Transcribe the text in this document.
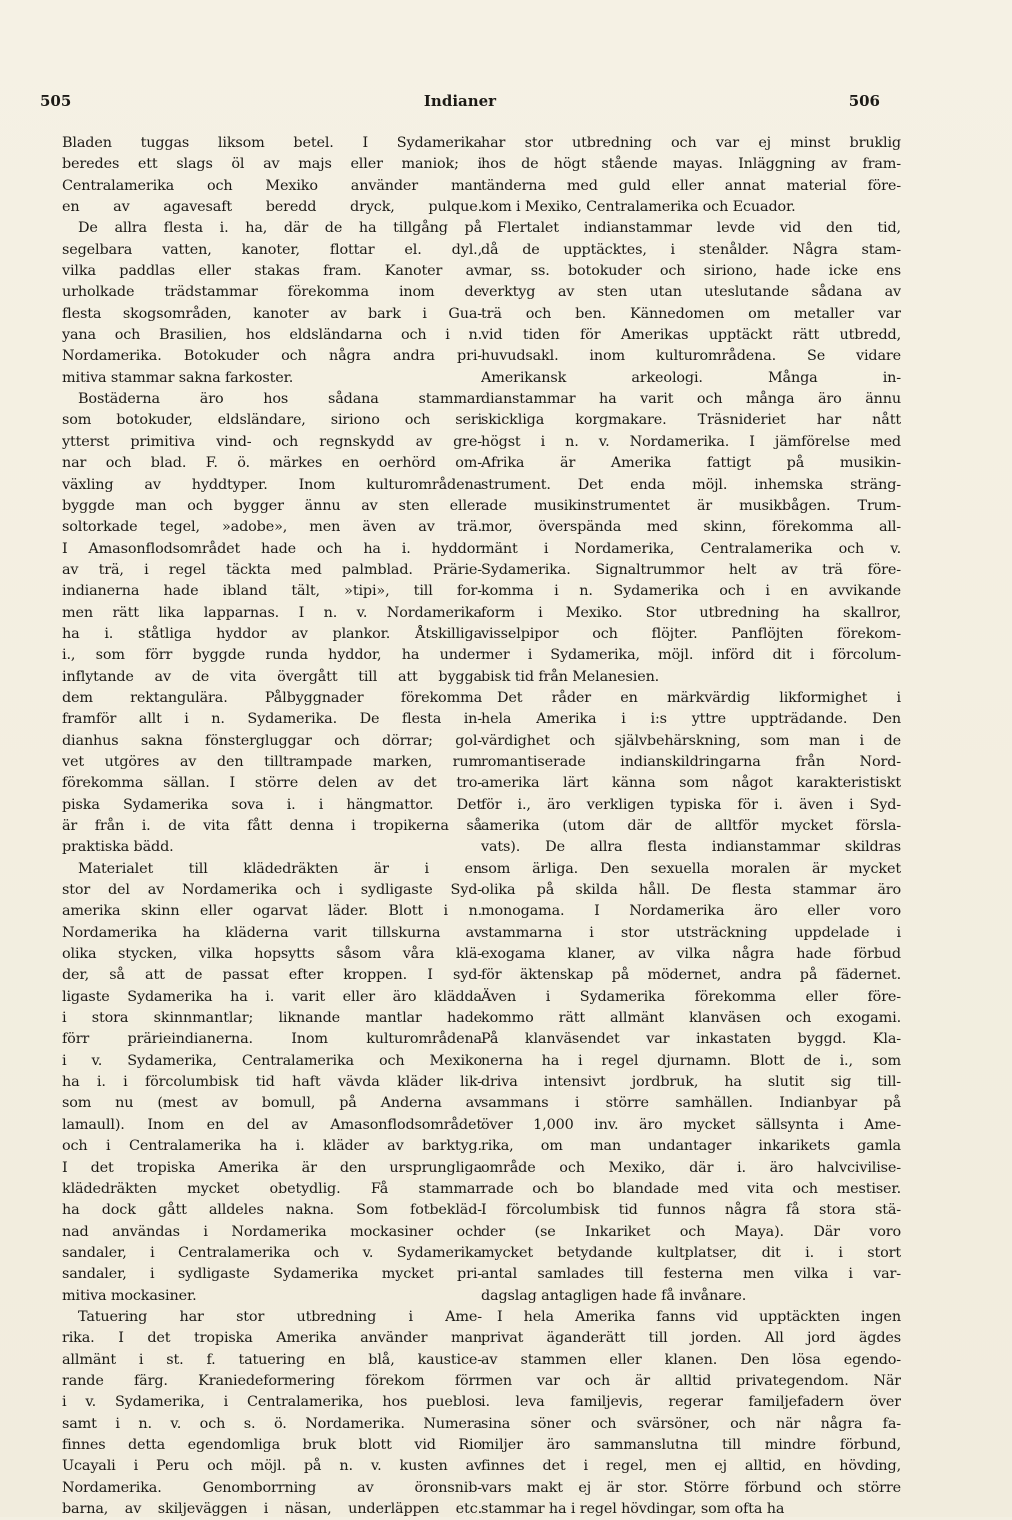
505	Indianer	506
Bladen tuggas liksom betel. I Sydamerika
beredes ett slags öl av majs eller maniok; i
Centralamerika och Mexiko använder man
en av agavesaft beredd dryck, pulque.
De allra flesta i. ha, där de ha tillgång på
segelbara vatten, kanoter, flottar el. dyl.,
vilka paddlas eller stakas fram. Kanoter av
urholkade trädstammar förekomma inom de
flesta skogsområden, kanoter av bark i Gua-
yana och Brasilien, hos eldsländarna och i n.
Nordamerika. Botokuder och några andra pri-
mitiva stammar sakna farkoster.
Bostäderna äro hos sådana stammar
som botokuder, eldsländare, siriono och seri
ytterst primitiva vind- och regnskydd av gre-
nar och blad. F. ö. märkes en oerhörd om-
växling av hyddtyper. Inom kulturområdena
byggde man och bygger ännu av sten eller
soltorkade tegel, »adobe», men även av trä.
I Amasonflodsområdet hade och ha i. hyddor
av trä, i regel täckta med palmblad. Prärie-
indianerna hade ibland tält, »tipi», till for-
men rätt lika lapparnas. I n. v. Nordamerika
ha i. ståtliga hyddor av plankor. Åtskilliga
i., som förr byggde runda hyddor, ha under
inflytande av de vita övergått till att bygga
dem rektangulära. Pålbyggnader förekomma
framför allt i n. Sydamerika. De flesta in-
dianhus sakna fönstergluggar och dörrar; gol-
vet utgöres av den tilltrampade marken, rum
förekomma sällan. I större delen av det tro-
piska Sydamerika sova i. i hängmattor. Det
är från i. de vita fått denna i tropikerna så
praktiska bädd.
Materialet till klädedräkten är i en
stor del av Nordamerika och i sydligaste Syd-
amerika skinn eller ogarvat läder. Blott i n.
Nordamerika ha kläderna varit tillskurna av
olika stycken, vilka hopsytts såsom våra klä-
der, så att de passat efter kroppen. I syd-
ligaste Sydamerika ha i. varit eller äro klädda
i stora skinnmantlar; liknande mantlar hade
förr prärieindianerna. Inom kulturområdena
i v. Sydamerika, Centralamerika och Mexiko
ha i. i förcolumbisk tid haft vävda kläder lik-
som nu (mest av bomull, på Anderna av
lamaull). Inom en del av Amasonflodsområdet
och i Centralamerika ha i. kläder av barktyg.
I det tropiska Amerika är den ursprungliga
klädedräkten mycket obetydlig. Få stammar
ha dock gått alldeles nakna. Som fotbekläd-
nad användas i Nordamerika mockasiner och
sandaler, i Centralamerika och v. Sydamerika
sandaler, i sydligaste Sydamerika mycket pri-
mitiva mockasiner.
Tatuering har stor utbredning i Ame-
rika. I det tropiska Amerika använder man
allmänt i st. f. tatuering en blå, kaustice-
rande färg. Kraniedeformering förekom förr
i v. Sydamerika, i Centralamerika, hos pueblos
samt i n. v. och s. ö. Nordamerika. Numera
finnes detta egendomliga bruk blott vid Rio
Ucayali i Peru och möjl. på n. v. kusten av
Nordamerika. Genomborrning av öronsnib-
barna, av skiljeväggen i näsan, underläppen etc.
har stor utbredning och var ej minst bruklig
hos de högt stående mayas. Inläggning av fram-
tänderna med guld eller annat material före-
kom i Mexiko, Centralamerika och Ecuador.
Flertalet indianstammar levde vid den tid,
då de upptäcktes, i stenålder. Några stam-
mar, ss. botokuder och siriono, hade icke ens
verktyg av sten utan uteslutande sådana av
trä och ben. Kännedomen om metaller var
vid tiden för Amerikas upptäckt rätt utbredd,
huvudsakl. inom kulturområdena. Se vidare
Amerikansk arkeologi. Många in-
dianstammar ha varit och många äro ännu
skickliga korgmakare. Träsnideriet har nått
högst i n. v. Nordamerika. I jämförelse med
Afrika är Amerika fattigt på musikin-
strument. Det enda möjl. inhemska sträng-
ade musikinstrumentet är musikbågen. Trum-
mor, överspända med skinn, förekomma all-
mänt i Nordamerika, Centralamerika och v.
Sydamerika. Signaltrummor helt av trä före-
komma i n. Sydamerika och i en avvikande
form i Mexiko. Stor utbredning ha skallror,
visselpipor och flöjter. Panflöjten förekom-
mer i Sydamerika, möjl. införd dit i förcolum-
bisk tid från Melanesien.
Det råder en märkvärdig likformighet i
hela Amerika i i:s yttre uppträdande. Den
värdighet och självbehärskning, som man i de
romantiserade indianskildringarna från Nord-
amerika lärt känna som något karakteristiskt
för i., äro verkligen typiska för i. även i Syd-
amerika (utom där de alltför mycket försla-
vats). De allra flesta indianstammar skildras
som ärliga. Den sexuella moralen är mycket
olika på skilda håll. De flesta stammar äro
monogama. I Nordamerika äro eller voro
stammarna i stor utsträckning uppdelade i
exogama klaner, av vilka några hade förbud
för äktenskap på mödernet, andra på fädernet.
Även i Sydamerika förekomma eller före-
kommo rätt allmänt klanväsen och exogami.
På klanväsendet var inkastaten byggd. Kla-
nerna ha i regel djurnamn. Blott de i., som
driva intensivt jordbruk, ha slutit sig till-
sammans i större samhällen. Indianbyar på
över 1,000 inv. äro mycket sällsynta i Ame-
rika, om man undantager inkarikets gamla
område och Mexiko, där i. äro halvcivilise-
rade och bo blandade med vita och mestiser.
I förcolumbisk tid funnos några få stora stä-
der (se Inkariket och Maya). Där voro
mycket betydande kultplatser, dit i. i stort
antal samlades till festerna men vilka i var-
dagslag antagligen hade få invånare.
I hela Amerika fanns vid upptäckten ingen
privat äganderätt till jorden. All jord ägdes
av stammen eller klanen. Den lösa egendo-
men var och är alltid privategendom. När
i. leva familjevis, regerar familjefadern över
sina söner och svärsöner, och när några fa-
miljer äro sammanslutna till mindre förbund,
finnes det i regel, men ej alltid, en hövding,
vars makt ej är stor. Större förbund och större
stammar ha i regel hövdingar, som ofta ha
